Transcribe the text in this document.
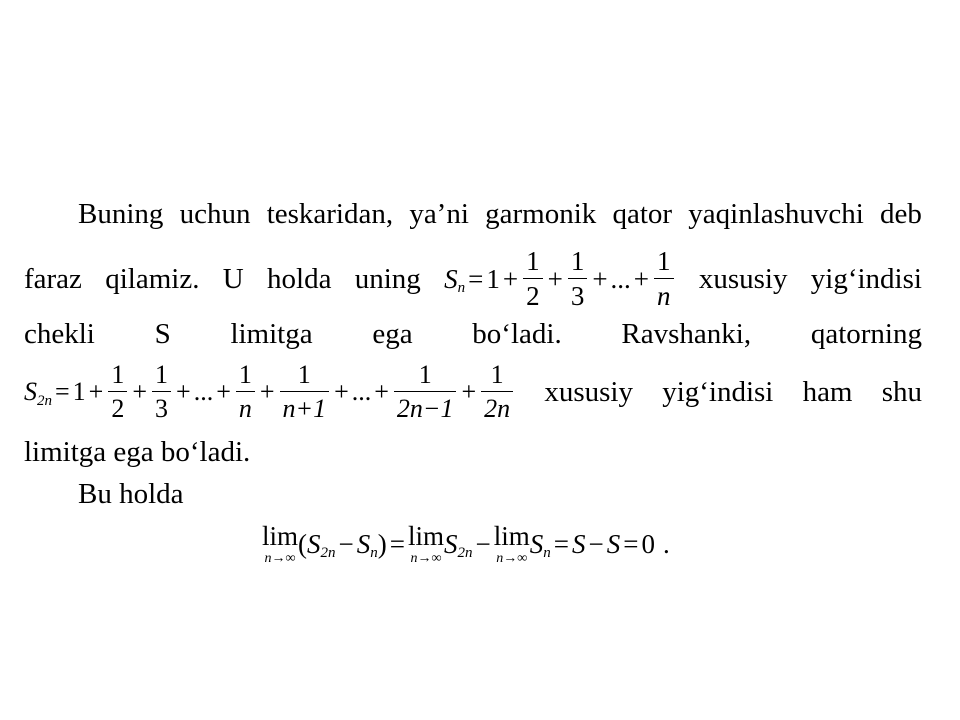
Buning uchun teskaridan, ya’ni garmonik qator yaqinlashuvchi deb
faraz qilamiz. U holda uning S $n = 1 + \frac{1}{2} + \frac{1}{3}$ + ... + $\frac{1}{n}$ xususiy yig‘indisi
chekli S limitga ega bo‘ladi. Ravshanki, qatorning
S $2n = 1 + \frac{1}{2} + \frac{1}{3}$ + ... + $\frac{1}{n} + \frac{1}{n+1}$ + ... + $\frac{1}{2n-1} + \frac{1}{2n}$ xususiy yig‘indisi ham shu
limitga ega bo‘ladi.
Bu holda
lim
n→∞ ( S 2n − S n ) = lim
n→∞ S 2n − lim
n→∞ S n = S − S = 0 .
